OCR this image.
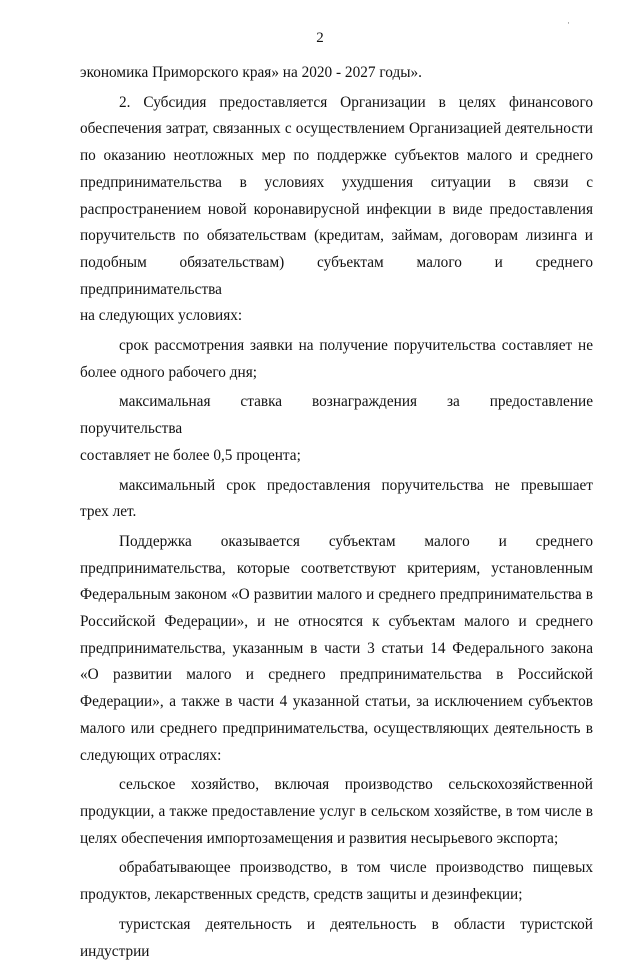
·
2

экономика Приморского края» на 2020 - 2027 годы».

2. Субсидия предоставляется Организации в целях финансового

обеспечения затрат, связанных с осуществлением Организацией деятельности

по оказанию неотложных мер по поддержке субъектов малого и среднего

предпринимательства в условиях ухудшения ситуации в связи с

распространением новой коронавирусной инфекции в виде предоставления

поручительств по обязательствам (кредитам, займам, договорам лизинга и

подобным обязательствам) субъектам малого и среднего предпринимательства

на следующих условиях:

срок рассмотрения заявки на получение поручительства составляет не

более одного рабочего дня;

максимальная ставка вознаграждения за предоставление поручительства

составляет не более 0,5 процента;

максимальный срок предоставления поручительства не превышает

трех лет.

Поддержка оказывается субъектам малого и среднего

предпринимательства, которые соответствуют критериям, установленным

Федеральным законом «О развитии малого и среднего предпринимательства в

Российской Федерации», и не относятся к субъектам малого и среднего

предпринимательства, указанным в части 3 статьи 14 Федерального закона

«О развитии малого и среднего предпринимательства в Российской

Федерации», а также в части 4 указанной статьи, за исключением субъектов

малого или среднего предпринимательства, осуществляющих деятельность в

следующих отраслях:

сельское хозяйство, включая производство сельскохозяйственной

продукции, а также предоставление услуг в сельском хозяйстве, в том числе в

целях обеспечения импортозамещения и развития несырьевого экспорта;

обрабатывающее производство, в том числе производство пищевых

продуктов, лекарственных средств, средств защиты и дезинфекции;

туристская деятельность и деятельность в области туристской индустрии
